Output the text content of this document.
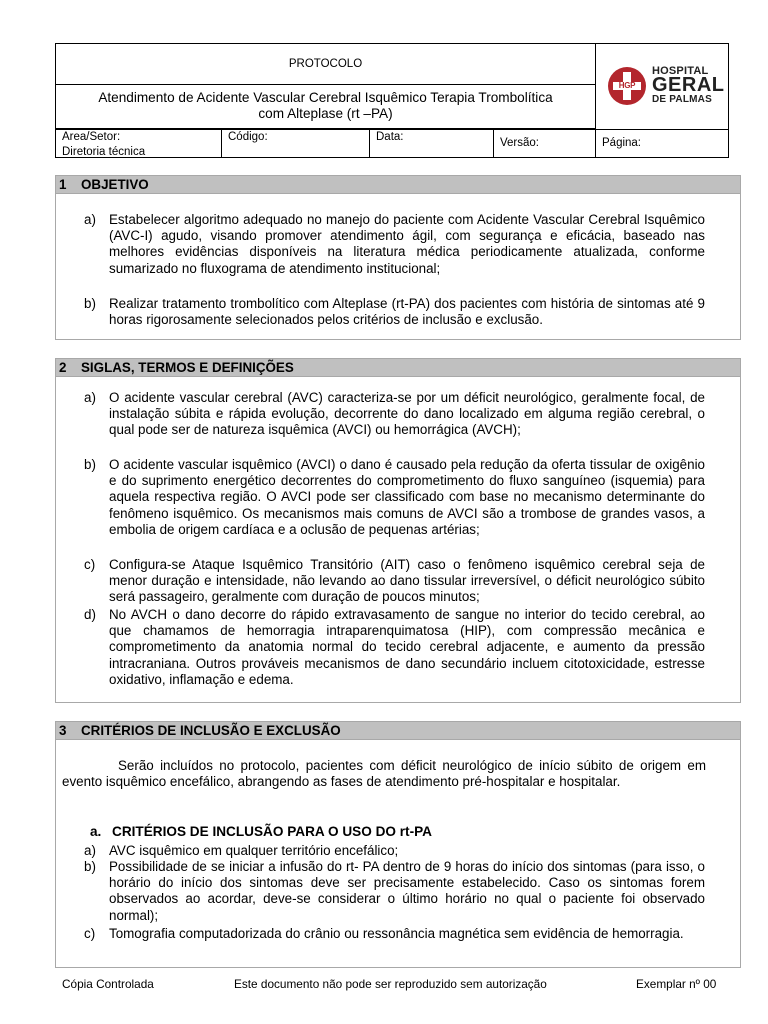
PROTOCOLO
Atendimento de Acidente Vascular Cerebral Isquêmico Terapia Trombolítica
com Alteplase (rt –PA)
HGP
HOSPITAL
GERAL
DE PALMAS
Area/Setor:
Diretoria técnica
Código:	Data:	Versão:	Página:
1 OBJETIVO
a) Estabelecer algoritmo adequado no manejo do paciente com Acidente Vascular Cerebral Isquêmico (AVC-I) agudo, visando promover atendimento ágil, com segurança e eficácia, baseado nas melhores evidências disponíveis na literatura médica periodicamente atualizada, conforme sumarizado no fluxograma de atendimento institucional;
b) Realizar tratamento trombolítico com Alteplase (rt-PA) dos pacientes com história de sintomas até 9 horas rigorosamente selecionados pelos critérios de inclusão e exclusão.
2 SIGLAS, TERMOS E DEFINIÇÕES
a) O acidente vascular cerebral (AVC) caracteriza-se por um déficit neurológico, geralmente focal, de instalação súbita e rápida evolução, decorrente do dano localizado em alguma região cerebral, o qual pode ser de natureza isquêmica (AVCI) ou hemorrágica (AVCH);
b) O acidente vascular isquêmico (AVCI) o dano é causado pela redução da oferta tissular de oxigênio e do suprimento energético decorrentes do comprometimento do fluxo sanguíneo (isquemia) para aquela respectiva região. O AVCI pode ser classificado com base no mecanismo determinante do fenômeno isquêmico. Os mecanismos mais comuns de AVCI são a trombose de grandes vasos, a embolia de origem cardíaca e a oclusão de pequenas artérias;
c)	Configura-se Ataque Isquêmico Transitório (AIT) caso o fenômeno isquêmico cerebral seja de menor duração e intensidade, não levando ao dano tissular irreversível, o déficit neurológico súbito será passageiro, geralmente com duração de poucos minutos;
d) No AVCH o dano decorre do rápido extravasamento de sangue no interior do tecido cerebral, ao que chamamos de hemorragia intraparenquimatosa (HIP), com compressão mecânica e comprometimento da anatomia normal do tecido cerebral adjacente, e aumento da pressão intracraniana. Outros prováveis mecanismos de dano secundário incluem citotoxicidade, estresse oxidativo, inflamação e edema.
3 CRITÉRIOS DE INCLUSÃO E EXCLUSÃO
Serão incluídos no protocolo, pacientes com déficit neurológico de início súbito de origem em evento isquêmico encefálico, abrangendo as fases de atendimento pré-hospitalar e hospitalar.
a. CRITÉRIOS DE INCLUSÃO PARA O USO DO rt-PA
a) AVC isquêmico em qualquer território encefálico;
b) Possibilidade de se iniciar a infusão do rt- PA dentro de 9 horas do início dos sintomas (para isso, o horário do início dos sintomas deve ser precisamente estabelecido. Caso os sintomas forem observados ao acordar, deve-se considerar o último horário no qual o paciente foi observado normal);
c)	Tomografia computadorizada do crânio ou ressonância magnética sem evidência de hemorragia.
Cópia Controlada	Este documento não pode ser reproduzido sem autorização	Exemplar nº 00
